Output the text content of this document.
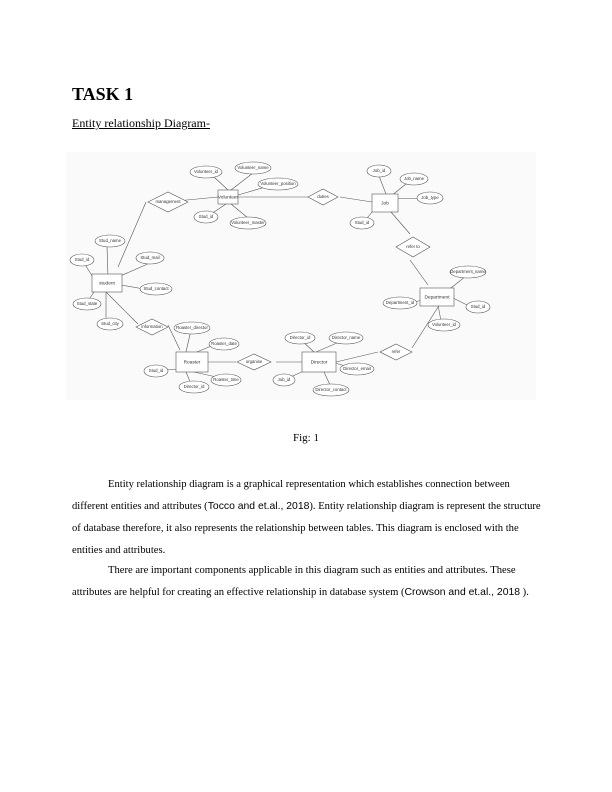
TASK 1
Entity relationship Diagram-
Volunteer
Job
student
Department
Roaster	Director
management
duties
refer to
information
organise
refer
Volunteer_id
Volunteer_name
Volunteer_position
Stud_id
Volunteer_master
Job_id
Job_name
Job_type
Stud_id
Stud_name
Stud_id	Stud_mail
Stud_contact
Stud_state
Stud_city
Department_name
Department_id
Stud_id
Volunteer_id
Roaster_director
Roaster_date
Stud_id
Director_id
Roaster_time
Director_id	Director_name
Director_email
Job_id
Director_contact
Fig: 1

Entity relationship diagram is a graphical representation which establishes connection between different entities and attributes (Tocco and et.al., 2018). Entity relationship diagram is represent the structure of database therefore, it also represents the relationship between tables. This diagram is enclosed with the entities and attributes.

There are important components applicable in this diagram such as entities and attributes. These attributes are helpful for creating an effective relationship in database system (Crowson and et.al., 2018 ).
